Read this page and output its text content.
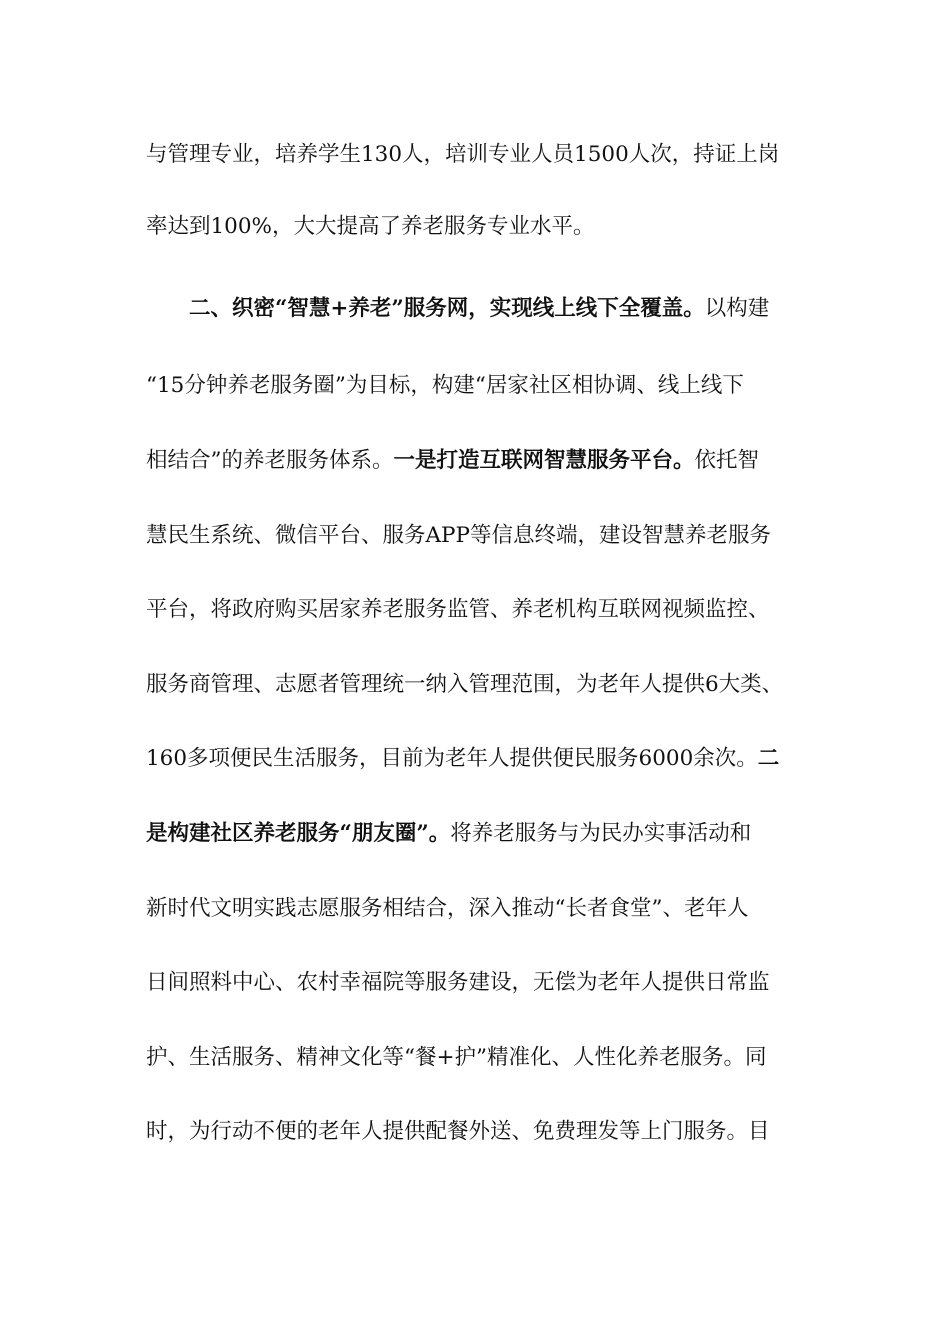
与管理专业，培养学生130人，培训专业人员1500人次，持证上岗
率达到100%，大大提高了养老服务专业水平。
　　二、织密“智慧+养老”服务网，实现线上线下全覆盖。以构建
“15分钟养老服务圈”为目标，构建“居家社区相协调、线上线下
相结合”的养老服务体系。一是打造互联网智慧服务平台。依托智
慧民生系统、微信平台、服务APP等信息终端，建设智慧养老服务
平台，将政府购买居家养老服务监管、养老机构互联网视频监控、
服务商管理、志愿者管理统一纳入管理范围，为老年人提供6大类、
160多项便民生活服务，目前为老年人提供便民服务6000余次。二
是构建社区养老服务“朋友圈”。将养老服务与为民办实事活动和
新时代文明实践志愿服务相结合，深入推动“长者食堂”、老年人
日间照料中心、农村幸福院等服务建设，无偿为老年人提供日常监
护、生活服务、精神文化等“餐+护”精准化、人性化养老服务。同
时，为行动不便的老年人提供配餐外送、免费理发等上门服务。目
